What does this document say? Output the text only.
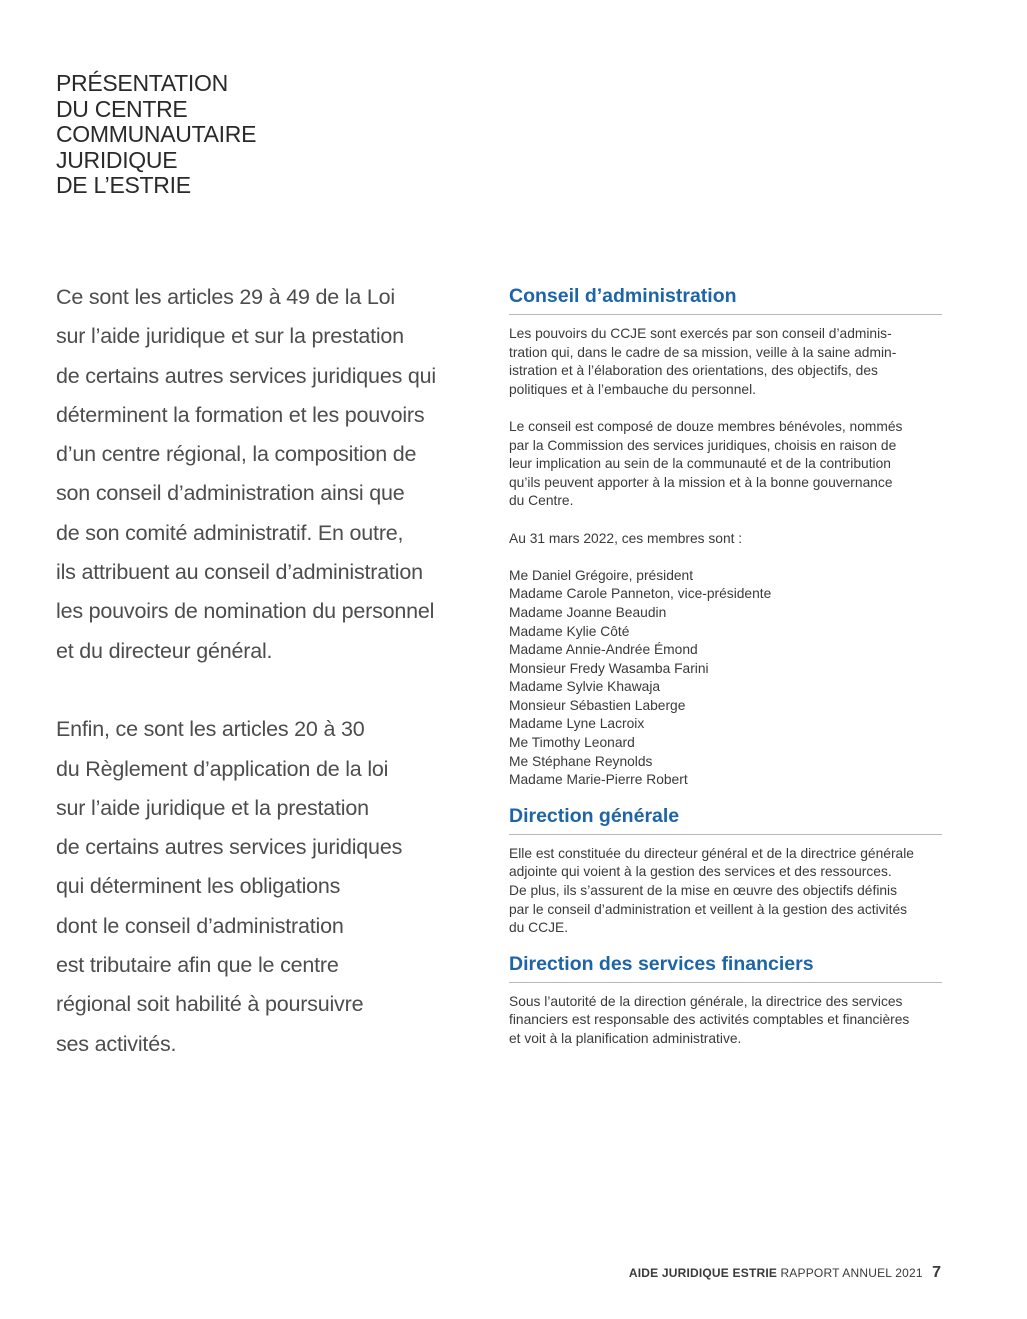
PRÉSENTATION
DU CENTRE
COMMUNAUTAIRE
JURIDIQUE
DE L’ESTRIE
Ce sont les articles 29 à 49 de la Loi
sur l’aide juridique et sur la prestation
de certains autres services juridiques qui
déterminent la formation et les pouvoirs
d’un centre régional, la composition de
son conseil d’administration ainsi que
de son comité administratif. En outre,
ils attribuent au conseil d’administration
les pouvoirs de nomination du personnel
et du directeur général.
Enfin, ce sont les articles 20 à 30
du Règlement d’application de la loi
sur l’aide juridique et la prestation
de certains autres services juridiques
qui déterminent les obligations
dont le conseil d’administration
est tributaire afin que le centre
régional soit habilité à poursuivre
ses activités.
Conseil d’administration
Les pouvoirs du CCJE sont exercés par son conseil d’adminis-
tration qui, dans le cadre de sa mission, veille à la saine admin-
istration et à l’élaboration des orientations, des objectifs, des
politiques et à l’embauche du personnel.
Le conseil est composé de douze membres bénévoles, nommés
par la Commission des services juridiques, choisis en raison de
leur implication au sein de la communauté et de la contribution
qu’ils peuvent apporter à la mission et à la bonne gouvernance
du Centre.
Au 31 mars 2022, ces membres sont :
Me Daniel Grégoire, président
Madame Carole Panneton, vice-présidente
Madame Joanne Beaudin
Madame Kylie Côté
Madame Annie-Andrée Émond
Monsieur Fredy Wasamba Farini
Madame Sylvie Khawaja
Monsieur Sébastien Laberge
Madame Lyne Lacroix
Me Timothy Leonard
Me Stéphane Reynolds
Madame Marie-Pierre Robert
Direction générale
Elle est constituée du directeur général et de la directrice générale
adjointe qui voient à la gestion des services et des ressources.
De plus, ils s’assurent de la mise en œuvre des objectifs définis
par le conseil d’administration et veillent à la gestion des activités
du CCJE.
Direction des services financiers
Sous l’autorité de la direction générale, la directrice des services
financiers est responsable des activités comptables et financières
et voit à la planification administrative.
AIDE JURIDIQUE ESTRIE RAPPORT ANNUEL 2021 7
